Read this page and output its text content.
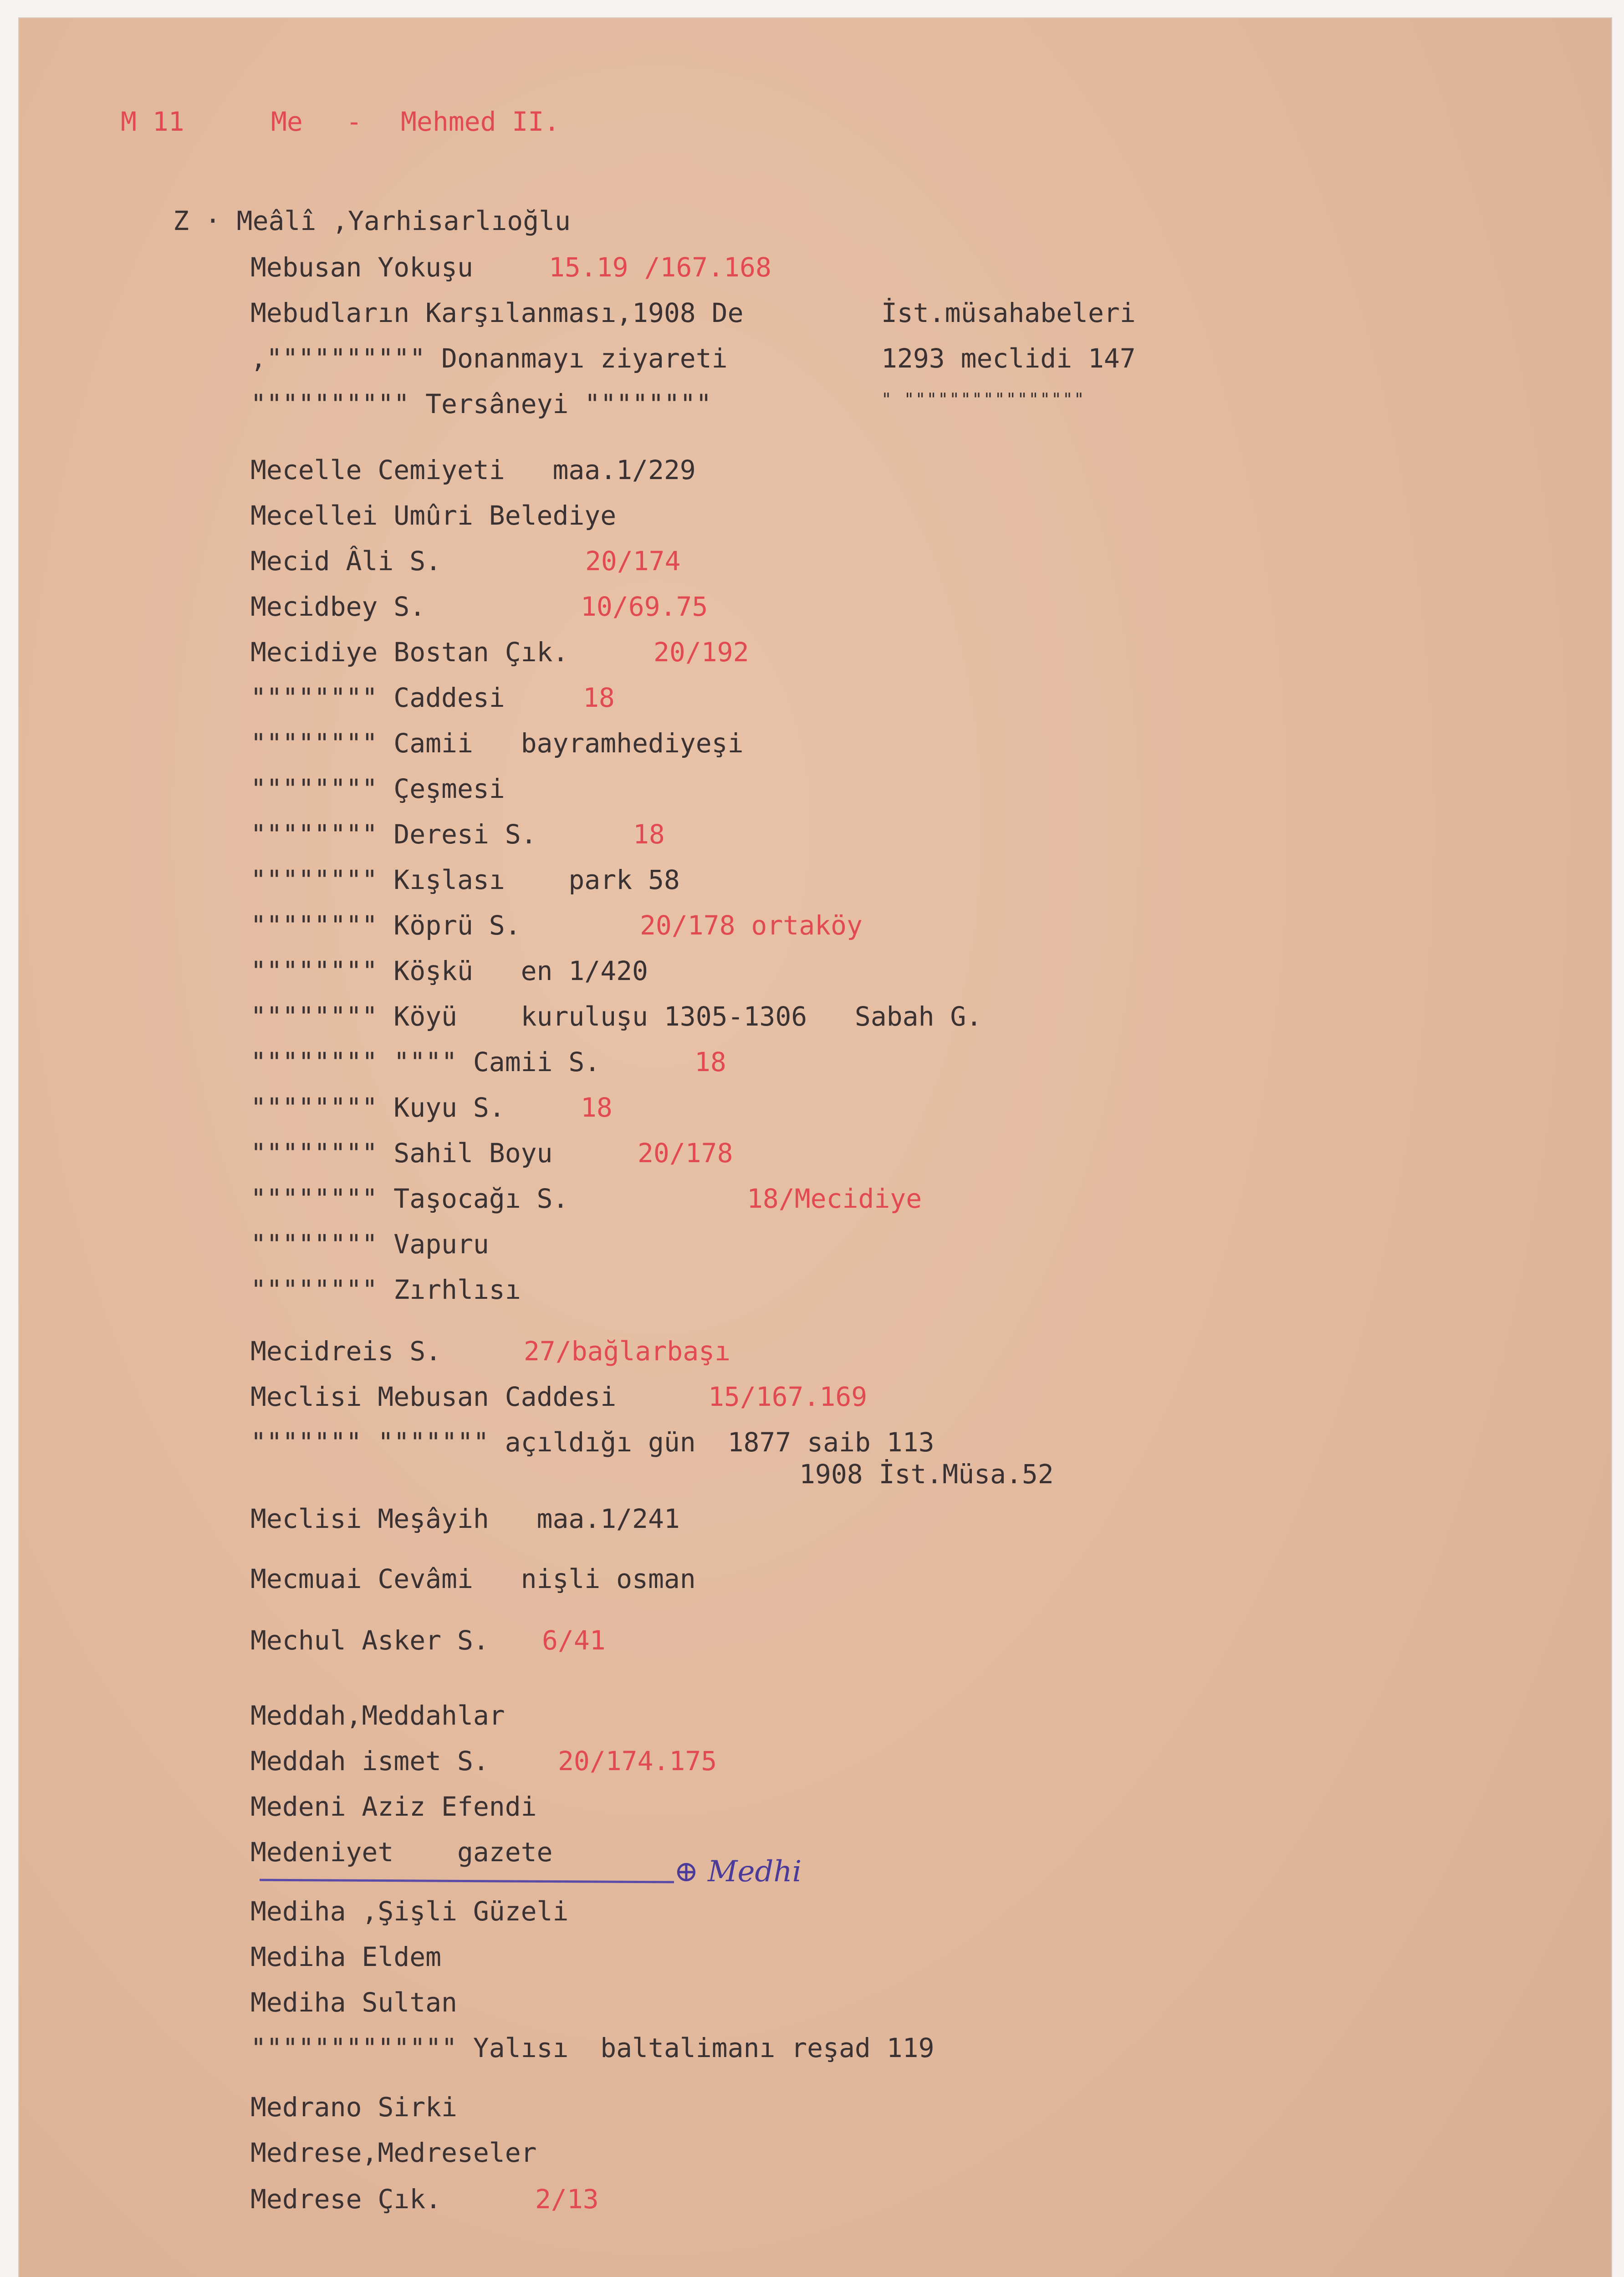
M 11	Me - Mehmed II.
Z · Meâlî ,Yarhisarlıoğlu
Mebusan Yokuşu	15.19 /167.168
Mebudların Karşılanması,1908 De	İst.müsahabeleri
,"""""""""" Donanmayı ziyareti	1293 meclidi 147
"""""""""" Tersâneyi """"""""	" """"""""""""""""
Mecelle Cemiyeti   maa.1/229
Mecellei Umûri Belediye
Mecid Âli S.	20/174
Mecidbey S.	10/69.75
Mecidiye Bostan Çık.	20/192
"""""""" Caddesi	18
"""""""" Camii   bayramhediyeşi
"""""""" Çeşmesi
"""""""" Deresi S.	18
"""""""" Kışlası    park 58
"""""""" Köprü S.	20/178 ortaköy
"""""""" Köşkü   en 1/420
"""""""" Köyü    kuruluşu 1305-1306   Sabah G.
"""""""" """" Camii S.	18
"""""""" Kuyu S.	18
"""""""" Sahil Boyu	20/178
"""""""" Taşocağı S.	18/Mecidiye
"""""""" Vapuru
"""""""" Zırhlısı
Mecidreis S.	27/bağlarbaşı
Meclisi Mebusan Caddesi	15/167.169
""""""" """"""" açıldığı gün  1877 saib 113
1908 İst.Müsa.52
Meclisi Meşâyih   maa.1/241
Mecmuai Cevâmi   nişli osman
Mechul Asker S. 6/41
Meddah,Meddahlar
Meddah ismet S.	20/174.175
Medeni Aziz Efendi
Medeniyet    gazete
⊕ Medhi
Mediha ,Şişli Güzeli
Mediha Eldem
Mediha Sultan
""""""""""""" Yalısı  baltalimanı reşad 119
Medrano Sirki
Medrese,Medreseler
Medrese Çık.	2/13
